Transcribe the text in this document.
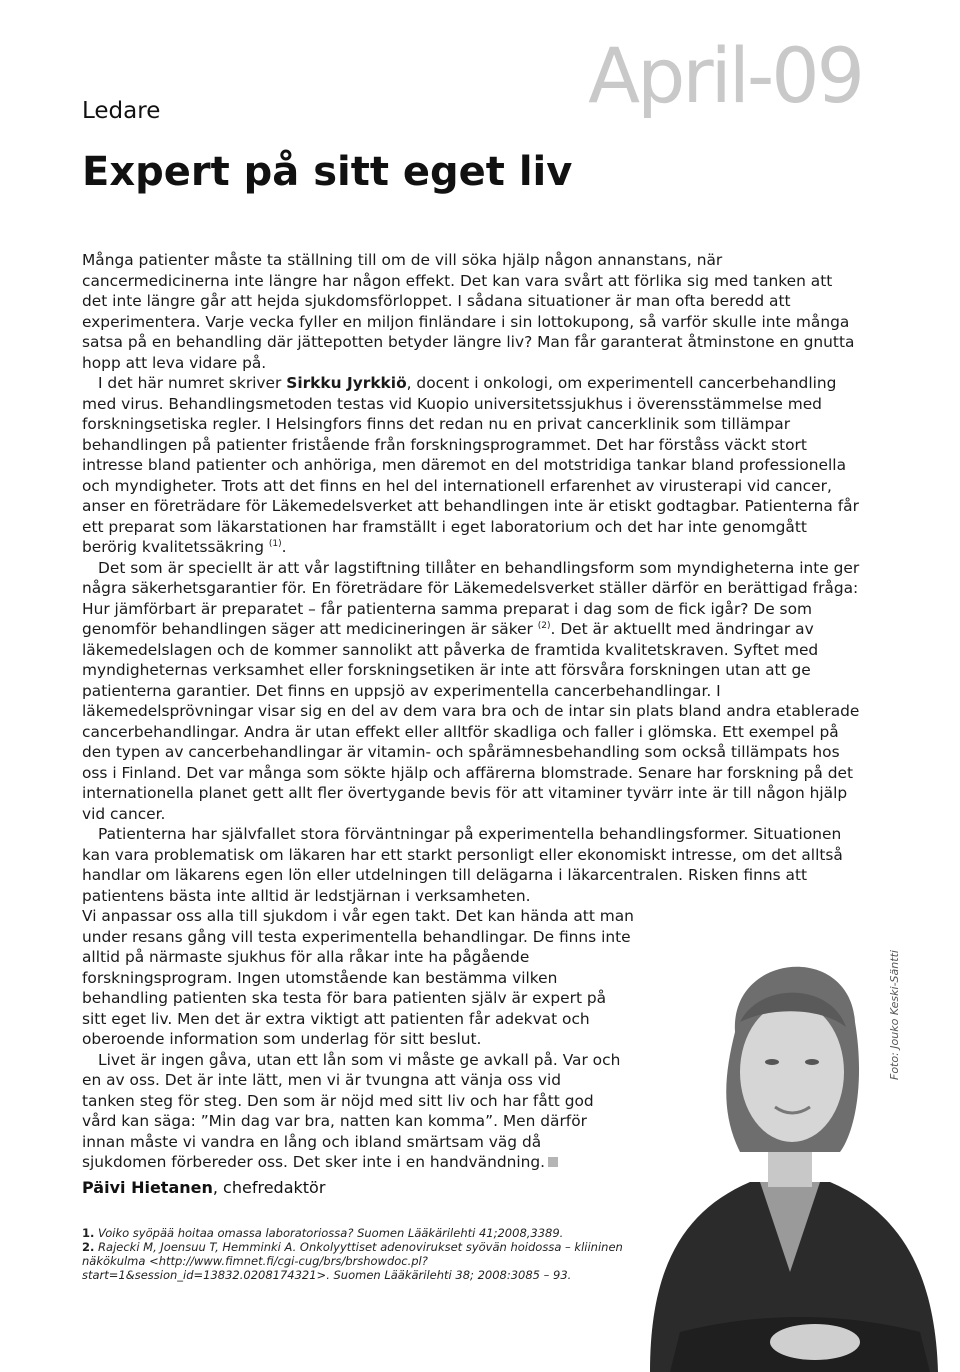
April-09
Ledare
Expert på sitt eget liv

Många patienter måste ta ställning till om de vill söka hjälp någon annanstans, när cancermedicinerna inte längre har någon effekt. Det kan vara svårt att förlika sig med tanken att det inte längre går att hejda sjukdomsförloppet. I sådana situationer är man ofta beredd att experimentera. Varje vecka fyller en miljon finländare i sin lottokupong, så varför skulle inte många satsa på en behandling där jättepotten betyder längre liv? Man får garanterat åtminstone en gnutta hopp att leva vidare på.

I det här numret skriver Sirkku Jyrkkiö, docent i onkologi, om experimentell cancerbehandling med virus. Behandlingsmetoden testas vid Kuopio universitetssjukhus i överensstämmelse med forskningsetiska regler. I Helsingfors finns det redan nu en privat cancerklinik som tillämpar behandlingen på patienter fristående från forskningsprogrammet. Det har förståss väckt stort intresse bland patienter och anhöriga, men däremot en del motstridiga tankar bland professionella och myndigheter. Trots att det finns en hel del internationell erfarenhet av virusterapi vid cancer, anser en företrädare för Läkemedelsverket att behandlingen inte är etiskt godtagbar. Patienterna får ett preparat som läkarstationen har framställt i eget laboratorium och det har inte genomgått berörig kvalitetssäkring $^{(1)}$.

Det som är speciellt är att vår lagstiftning tillåter en behandlingsform som myndigheterna inte ger några säkerhetsgarantier för. En företrädare för Läkemedelsverket ställer därför en berättigad fråga: Hur jämförbart är preparatet – får patienterna samma preparat i dag som de fick igår? De som genomför behandlingen säger att medicineringen är säker $^{(2)}$. Det är aktuellt med ändringar av läkemedelslagen och de kommer sannolikt att påverka de framtida kvalitetskraven. Syftet med myndigheternas verksamhet eller forskningsetiken är inte att försvåra forskningen utan att ge patienterna garantier. Det finns en uppsjö av experimentella cancerbehandlingar. I läkemedelsprövningar visar sig en del av dem vara bra och de intar sin plats bland andra etablerade cancerbehandlingar. Andra är utan effekt eller alltför skadliga och faller i glömska. Ett exempel på den typen av cancerbehandlingar är vitamin- och spårämnesbehandling som också tillämpats hos oss i Finland. Det var många som sökte hjälp och affärerna blomstrade. Senare har forskning på det internationella planet gett allt fler övertygande bevis för att vitaminer tyvärr inte är till någon hjälp vid cancer.

Patienterna har självfallet stora förväntningar på experimentella behandlingsformer. Situationen kan vara problematisk om läkaren har ett starkt personligt eller ekonomiskt intresse, om det alltså handlar om läkarens egen lön eller utdelningen till delägarna i läkarcentralen. Risken finns att patientens bästa inte alltid är ledstjärnan i verksamheten.

Vi anpassar oss alla till sjukdom i vår egen takt. Det kan hända att man under resans gång vill testa experimentella behandlingar. De finns inte alltid på närmaste sjukhus för alla råkar inte ha pågående forskningsprogram. Ingen utomstående kan bestämma vilken behandling patienten ska testa för bara patienten själv är expert på sitt eget liv. Men det är extra viktigt att patienten får adekvat och oberoende information som underlag för sitt beslut.

Livet är ingen gåva, utan ett lån som vi måste ge avkall på. Var och en av oss. Det är inte lätt, men vi är tvungna att vänja oss vid tanken steg för steg. Den som är nöjd med sitt liv och har fått god vård kan säga: ”Min dag var bra, natten kan komma”. Men därför innan måste vi vandra en lång och ibland smärtsam väg då sjukdomen förbereder oss. Det sker inte i en handvändning.

Päivi Hietanen, chefredaktör

1. Voiko syöpää hoitaa omassa laboratoriossa? Suomen Lääkärilehti 41;2008,3389.

2. Rajecki M, Joensuu T, Hemminki A. Onkolyyttiset adenovirukset syövän hoidossa – kliininen näkökulma <http://www.fimnet.fi/cgi-cug/brs/brshowdoc.pl?start=1&session_id=13832.0208174321>. Suomen Lääkärilehti 38; 2008:3085 – 93.

Foto: Jouko Keski-Säntti
